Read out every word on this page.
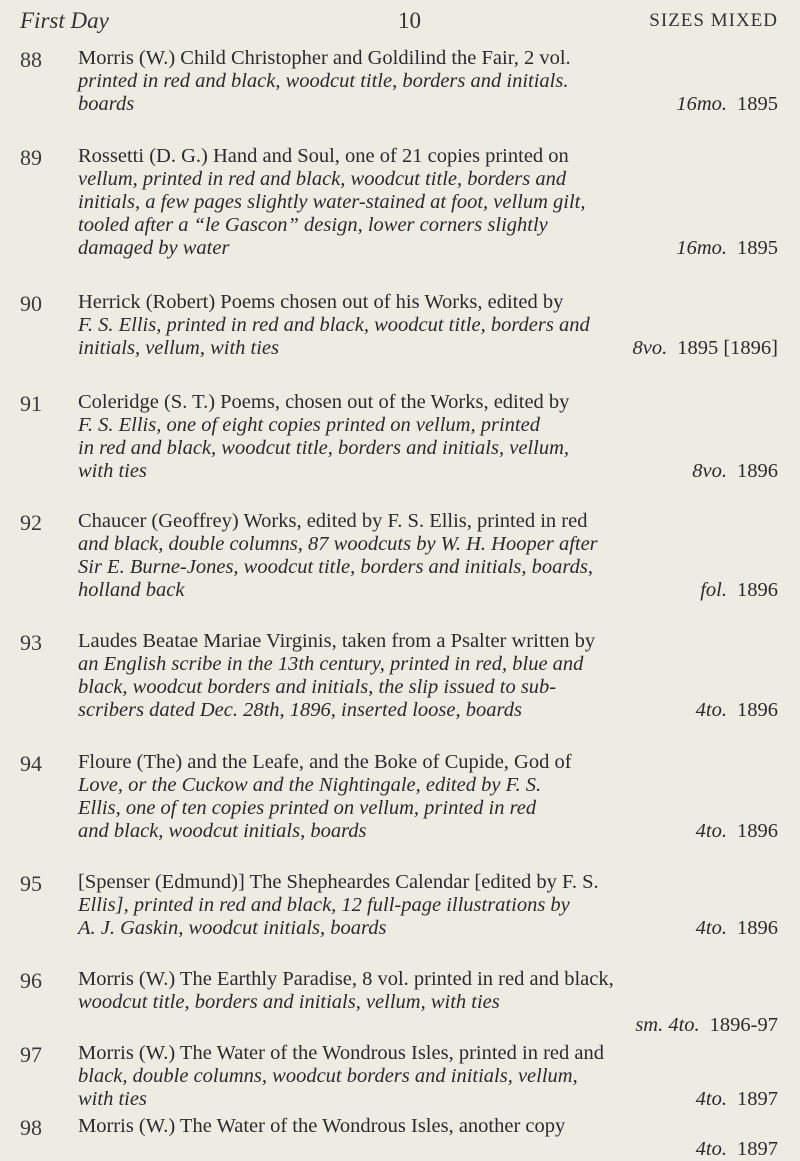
First Day	10	SIZES MIXED
88 Morris (W.) Child Christopher and Goldilind the Fair, 2 vol.
printed in red and black, woodcut title, borders and initials.
boards	16mo. 1895
89 Rossetti (D. G.) Hand and Soul, one of 21 copies printed on
vellum, printed in red and black, woodcut title, borders and
initials, a few pages slightly water-stained at foot, vellum gilt,
tooled after a “le Gascon” design, lower corners slightly
damaged by water	16mo. 1895
90 Herrick (Robert) Poems chosen out of his Works, edited by
F. S. Ellis, printed in red and black, woodcut title, borders and
initials, vellum, with ties	8vo. 1895 [1896]
91 Coleridge (S. T.) Poems, chosen out of the Works, edited by
F. S. Ellis, one of eight copies printed on vellum, printed
in red and black, woodcut title, borders and initials, vellum,
with ties	8vo. 1896
92 Chaucer (Geoffrey) Works, edited by F. S. Ellis, printed in red
and black, double columns, 87 woodcuts by W. H. Hooper after
Sir E. Burne-Jones, woodcut title, borders and initials, boards,
holland back	fol. 1896
93 Laudes Beatae Mariae Virginis, taken from a Psalter written by
an English scribe in the 13th century, printed in red, blue and
black, woodcut borders and initials, the slip issued to sub-
scribers dated Dec. 28th, 1896, inserted loose, boards	4to. 1896
94 Floure (The) and the Leafe, and the Boke of Cupide, God of
Love, or the Cuckow and the Nightingale, edited by F. S.
Ellis, one of ten copies printed on vellum, printed in red
and black, woodcut initials, boards	4to. 1896
95 [Spenser (Edmund)] The Shepheardes Calendar [edited by F. S.
Ellis], printed in red and black, 12 full-page illustrations by
A. J. Gaskin, woodcut initials, boards	4to. 1896
96 Morris (W.) The Earthly Paradise, 8 vol. printed in red and black,
woodcut title, borders and initials, vellum, with ties
sm. 4to. 1896-97
97 Morris (W.) The Water of the Wondrous Isles, printed in red and
black, double columns, woodcut borders and initials, vellum,
with ties	4to. 1897
98 Morris (W.) The Water of the Wondrous Isles, another copy
4to. 1897
